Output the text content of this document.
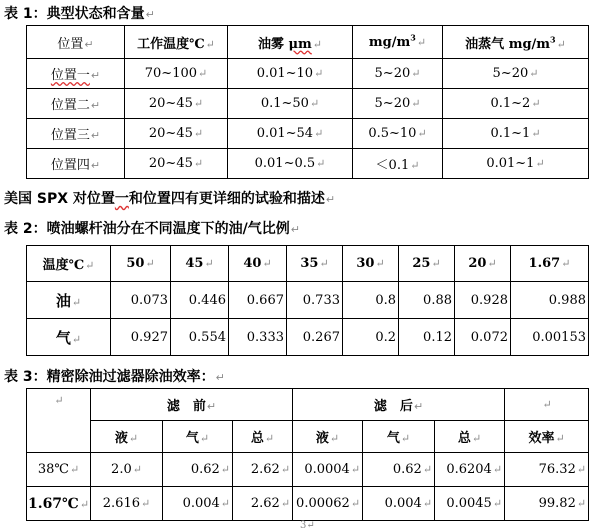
表 1：典型状态和含量↵
位置↵	工作温度℃↵	油雾 μm↵	$mg/m^3↵$	油蒸气 $mg/m^3↵$
位置一↵	70~100↵	0.01~10↵	5~20↵	5~20↵
位置二↵	20~45↵	0.1~50↵	5~20↵	0.1~2↵
位置三↵	20~45↵	0.01~54↵	0.5~10↵	0.1~1↵
位置四↵	20~45↵	0.01~0.5↵	＜0.1↵	0.01~1↵
美国 SPX 对位置一和位置四有更详细的试验和描述↵
表 2：喷油螺杆油分在不同温度下的油/气比例↵
温度℃↵	50↵	45↵	40↵	35↵	30↵	25↵	20↵	1.67↵
油↵	0.073	0.446	0.667	0.733	0.8	0.88	0.928	0.988
气↵	0.927	0.554	0.333	0.267	0.2	0.12	0.072	0.00153
表 3：精密除油过滤器除油效率：↵
↵	滤　前↵			滤　后↵			↵
	液↵	气↵	总↵	液↵	气↵	总↵	效率↵
38℃↵	2.0↵	0.62↵	2.62↵	0.0004↵	0.62↵	0.6204↵	76.32↵
1.67℃↵	2.616↵	0.004↵	2.62↵	0.00062↵	0.004↵	0.0045↵	99.82↵
3↵
